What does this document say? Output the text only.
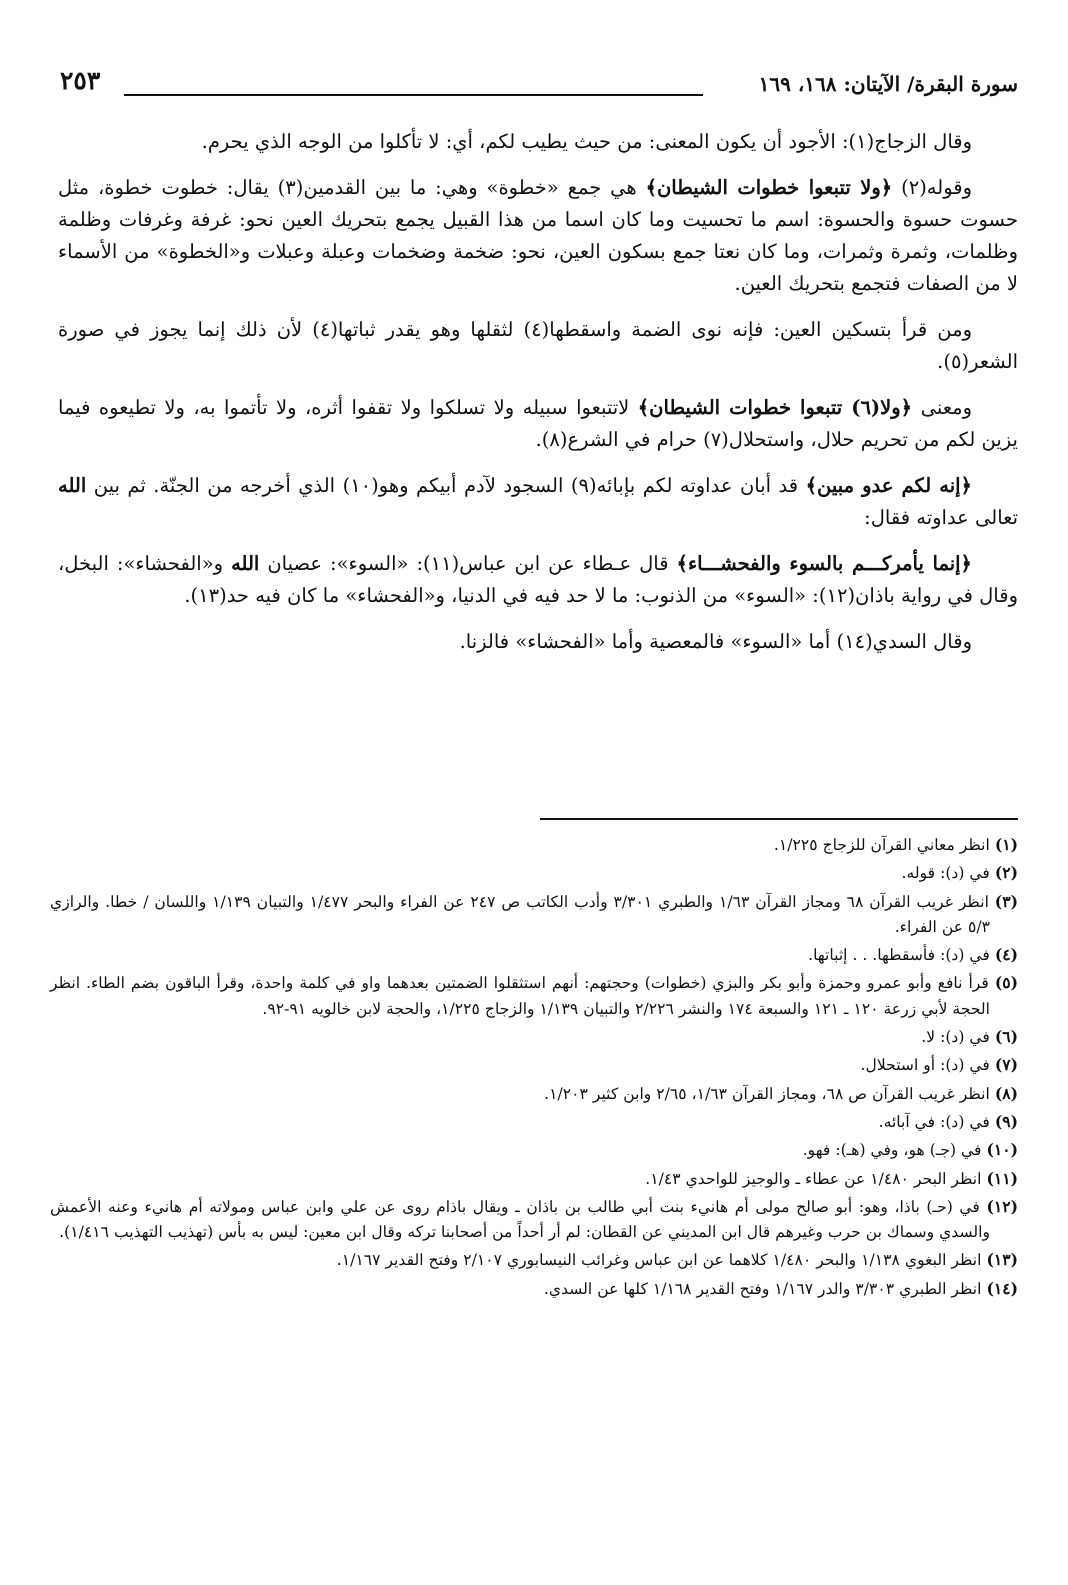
سورة البقرة/ الآيتان: ١٦٨، ١٦٩
٢٥٣

وقال الزجاج(١): الأجود أن يكون المعنى: من حيث يطيب لكم، أي: لا تأكلوا من الوجه الذي يحرم.

وقوله(٢) ﴿ولا تتبعوا خطوات الشيطان﴾ هي جمع «خطوة» وهي: ما بين القدمين(٣) يقال: خطوت خطوة، مثل حسوت حسوة والحسوة: اسم ما تحسيت وما كان اسما من هذا القبيل يجمع بتحريك العين نحو: غرفة وغرفات وظلمة وظلمات، وثمرة وثمرات، وما كان نعتا جمع بسكون العين، نحو: ضخمة وضخمات وعبلة وعبلات و«الخطوة» من الأسماء لا من الصفات فتجمع بتحريك العين.

ومن قرأ بتسكين العين: فإنه نوى الضمة واسقطها(٤) لثقلها وهو يقدر ثباتها(٤) لأن ذلك إنما يجوز في صورة الشعر(٥).

ومعنى ﴿ولا(٦) تتبعوا خطوات الشيطان﴾ لاتتبعوا سبيله ولا تسلكوا ولا تقفوا أثره، ولا تأتموا به، ولا تطيعوه فيما يزين لكم من تحريم حلال، واستحلال(٧) حرام في الشرع(٨).

﴿إنه لكم عدو مبين﴾ قد أبان عداوته لكم بإبائه(٩) السجود لآدم أبيكم وهو(١٠) الذي أخرجه من الجنّة. ثم بين الله تعالى عداوته فقال:

﴿إنما يأمركـــم بالسوء والفحشـــاء﴾ قال عـطاء عن ابن عباس(١١): «السوء»: عصيان الله و«الفحشاء»: البخل، وقال في رواية باذان(١٢): «السوء» من الذنوب: ما لا حد فيه في الدنيا، و«الفحشاء» ما كان فيه حد(١٣).

وقال السدي(١٤) أما «السوء» فالمعصية وأما «الفحشاء» فالزنا.

(١) انظر معاني القرآن للزجاج ١/٢٢٥.
(٢) في (د): قوله.
(٣) انظر غريب القرآن ٦٨ ومجاز القرآن ١/٦٣ والطبري ٣/٣٠١ وأدب الكاتب ص ٢٤٧ عن الفراء والبحر ١/٤٧٧ والتبيان ١/١٣٩ واللسان / خطا. والرازي ٥/٣ عن الفراء.
(٤) في (د): فأسقطها. . . إثباتها.
(٥) قرأ نافع وأبو عمرو وحمزة وأبو بكر والبزي (خطوات) وحجتهم: أنهم استثقلوا الضمتين بعدهما واو في كلمة واحدة، وقرأ الباقون بضم الطاء. انظر الحجة لأبي زرعة ١٢٠ ـ ١٢١ والسبعة ١٧٤ والنشر ٢/٢٢٦ والتبيان ١/١٣٩ والزجاج ١/٢٢٥، والحجة لابن خالويه ٩١-٩٢.
(٦) في (د): لا.
(٧) في (د): أو استحلال.
(٨) انظر غريب القرآن ص ٦٨، ومجاز القرآن ١/٦٣، ٢/٦٥ وابن كثير ١/٢٠٣.
(٩) في (د): في آبائه.
(١٠) في (جـ) هو، وفي (هـ): فهو.
(١١) انظر البحر ١/٤٨٠ عن عطاء ـ والوجيز للواحدي ١/٤٣.
(١٢) في (حـ) باذا، وهو: أبو صالح مولى أم هانيء بنت أبي طالب بن باذان ـ ويقال باذام روى عن علي وابن عباس ومولاته أم هانيء وعنه الأعمش والسدي وسماك بن حرب وغيرهم قال ابن المديني عن القطان: لم أر أحداً من أصحابنا تركه وقال ابن معين: ليس به بأس (تهذيب التهذيب ١/٤١٦).
(١٣) انظر البغوي ١/١٣٨ والبحر ١/٤٨٠ كلاهما عن ابن عباس وغرائب النيسابوري ٢/١٠٧ وفتح القدير ١/١٦٧.
(١٤) انظر الطبري ٣/٣٠٣ والدر ١/١٦٧ وفتح القدير ١/١٦٨ كلها عن السدي.
